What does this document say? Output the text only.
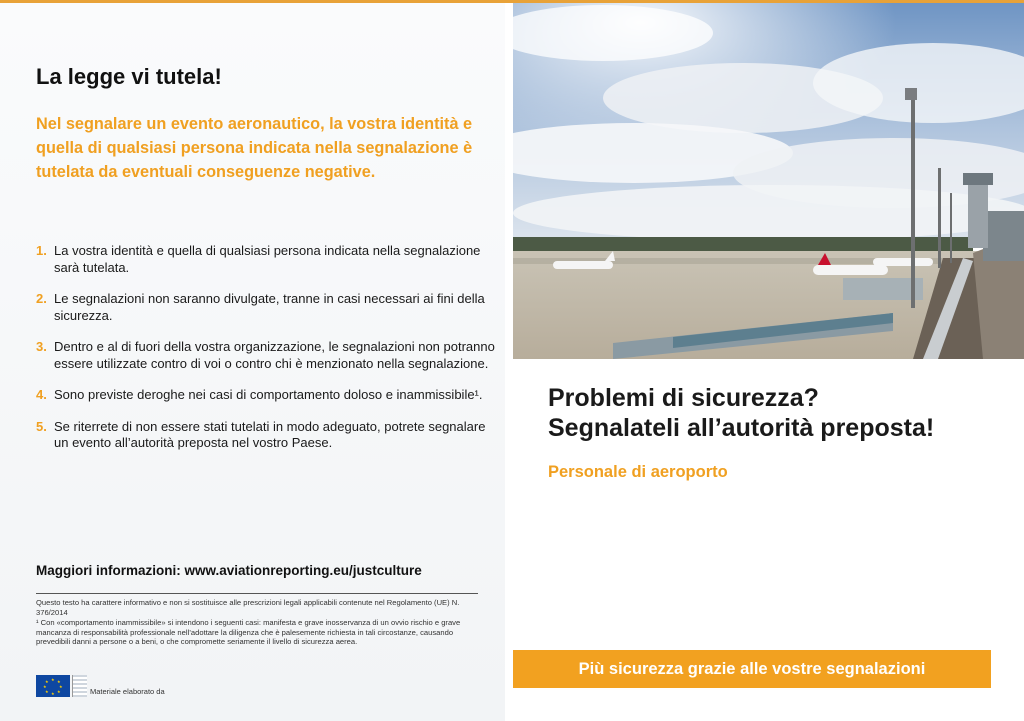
La legge vi tutela!

Nel segnalare un evento aeronautico, la vostra identità e quella di qualsiasi persona indicata nella segnalazione è tutelata da eventuali conseguenze negative.

1. La vostra identità e quella di qualsiasi persona indicata nella segnalazione sarà tutelata.
2. Le segnalazioni non saranno divulgate, tranne in casi necessari ai fini della sicurezza.
3. Dentro e al di fuori della vostra organizzazione, le segnalazioni non potranno essere utilizzate contro di voi o contro chi è menzionato nella segnalazione.
4. Sono previste deroghe nei casi di comportamento doloso e inammissibile¹.
5. Se riterrete di non essere stati tutelati in modo adeguato, potrete segnalare un evento all’autorità preposta nel vostro Paese.
Maggiori informazioni: www.aviationreporting.eu/justculture
Questo testo ha carattere informativo e non si sostituisce alle prescrizioni legali applicabili contenute nel Regolamento (UE) N. 376/2014
¹ Con «comportamento inammissibile» si intendono i seguenti casi: manifesta e grave inosservanza di un ovvio rischio e grave mancanza di responsabilità professionale nell’adottare la diligenza che è palesemente richiesta in tali circostanze, causando prevedibili danni a persone o a beni, o che compromette seriamente il livello di sicurezza aerea.
★ ★
★
★
★
★
★
★
Materiale elaborato da
Problemi di sicurezza?
Segnalateli all’autorità preposta!
Personale di aeroporto
Più sicurezza grazie alle vostre segnalazioni
